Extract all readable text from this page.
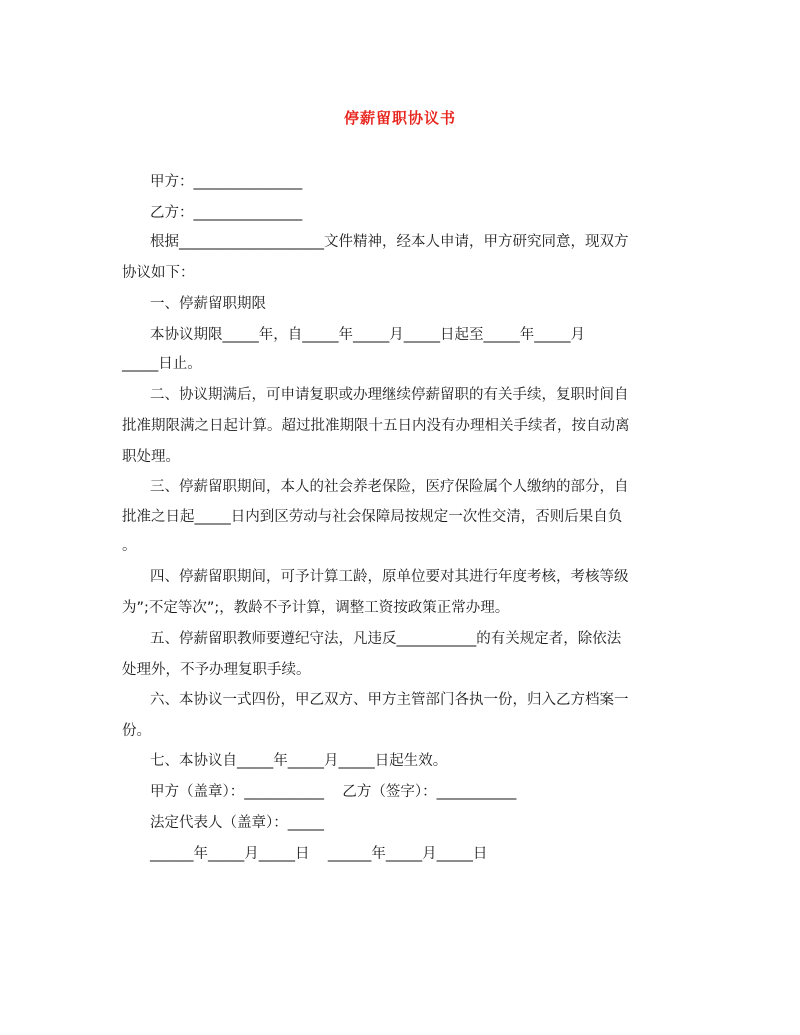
停薪留职协议书
甲方：_______________
乙方：_______________
根据____________________文件精神，经本人申请，甲方研究同意，现双方
协议如下：
一、停薪留职期限
本协议期限_____年，自_____年_____月_____日起至_____年_____月
_____日止。
二、协议期满后，可申请复职或办理继续停薪留职的有关手续，复职时间自
批准期限满之日起计算。超过批准期限十五日内没有办理相关手续者，按自动离
职处理。
三、停薪留职期间，本人的社会养老保险，医疗保险属个人缴纳的部分，自
批准之日起_____日内到区劳动与社会保障局按规定一次性交清，否则后果自负
。
四、停薪留职期间，可予计算工龄，原单位要对其进行年度考核，考核等级
为”;不定等次”;，教龄不予计算，调整工资按政策正常办理。
五、停薪留职教师要遵纪守法，凡违反___________的有关规定者，除依法
处理外，不予办理复职手续。
六、本协议一式四份，甲乙双方、甲方主管部门各执一份，归入乙方档案一
份。
七、本协议自_____年_____月_____日起生效。
甲方（盖章）：___________    乙方（签字）：___________
法定代表人（盖章）：_____
______年_____月_____日    ______年_____月_____日
